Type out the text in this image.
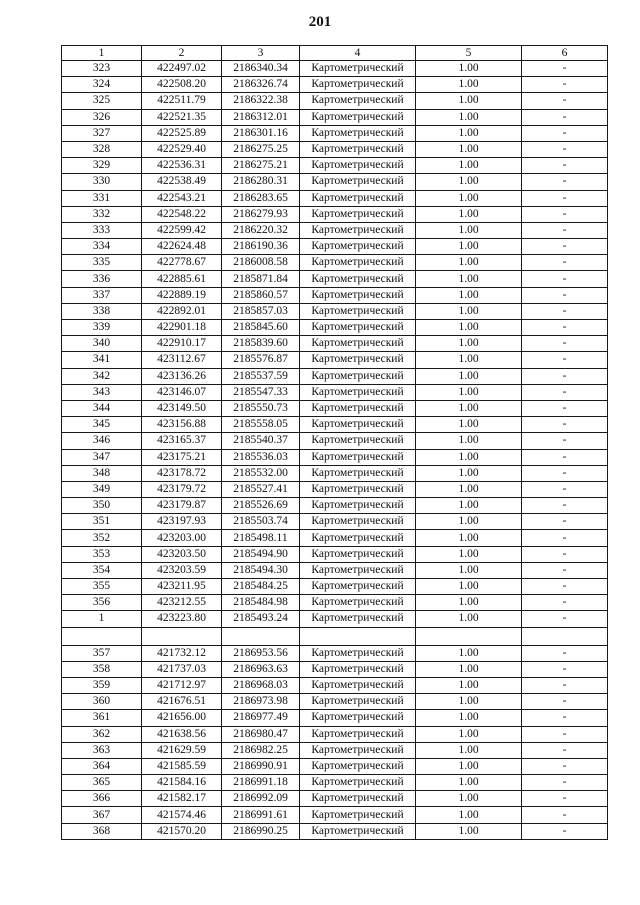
201
1	2	3	4	5	6
323	422497.02	2186340.34	Картометрический	1.00	-
324	422508.20	2186326.74	Картометрический	1.00	-
325	422511.79	2186322.38	Картометрический	1.00	-
326	422521.35	2186312.01	Картометрический	1.00	-
327	422525.89	2186301.16	Картометрический	1.00	-
328	422529.40	2186275.25	Картометрический	1.00	-
329	422536.31	2186275.21	Картометрический	1.00	-
330	422538.49	2186280.31	Картометрический	1.00	-
331	422543.21	2186283.65	Картометрический	1.00	-
332	422548.22	2186279.93	Картометрический	1.00	-
333	422599.42	2186220.32	Картометрический	1.00	-
334	422624.48	2186190.36	Картометрический	1.00	-
335	422778.67	2186008.58	Картометрический	1.00	-
336	422885.61	2185871.84	Картометрический	1.00	-
337	422889.19	2185860.57	Картометрический	1.00	-
338	422892.01	2185857.03	Картометрический	1.00	-
339	422901.18	2185845.60	Картометрический	1.00	-
340	422910.17	2185839.60	Картометрический	1.00	-
341	423112.67	2185576.87	Картометрический	1.00	-
342	423136.26	2185537.59	Картометрический	1.00	-
343	423146.07	2185547.33	Картометрический	1.00	-
344	423149.50	2185550.73	Картометрический	1.00	-
345	423156.88	2185558.05	Картометрический	1.00	-
346	423165.37	2185540.37	Картометрический	1.00	-
347	423175.21	2185536.03	Картометрический	1.00	-
348	423178.72	2185532.00	Картометрический	1.00	-
349	423179.72	2185527.41	Картометрический	1.00	-
350	423179.87	2185526.69	Картометрический	1.00	-
351	423197.93	2185503.74	Картометрический	1.00	-
352	423203.00	2185498.11	Картометрический	1.00	-
353	423203.50	2185494.90	Картометрический	1.00	-
354	423203.59	2185494.30	Картометрический	1.00	-
355	423211.95	2185484.25	Картометрический	1.00	-
356	423212.55	2185484.98	Картометрический	1.00	-
1	423223.80	2185493.24	Картометрический	1.00	-

357	421732.12	2186953.56	Картометрический	1.00	-
358	421737.03	2186963.63	Картометрический	1.00	-
359	421712.97	2186968.03	Картометрический	1.00	-
360	421676.51	2186973.98	Картометрический	1.00	-
361	421656.00	2186977.49	Картометрический	1.00	-
362	421638.56	2186980.47	Картометрический	1.00	-
363	421629.59	2186982.25	Картометрический	1.00	-
364	421585.59	2186990.91	Картометрический	1.00	-
365	421584.16	2186991.18	Картометрический	1.00	-
366	421582.17	2186992.09	Картометрический	1.00	-
367	421574.46	2186991.61	Картометрический	1.00	-
368	421570.20	2186990.25	Картометрический	1.00	-
